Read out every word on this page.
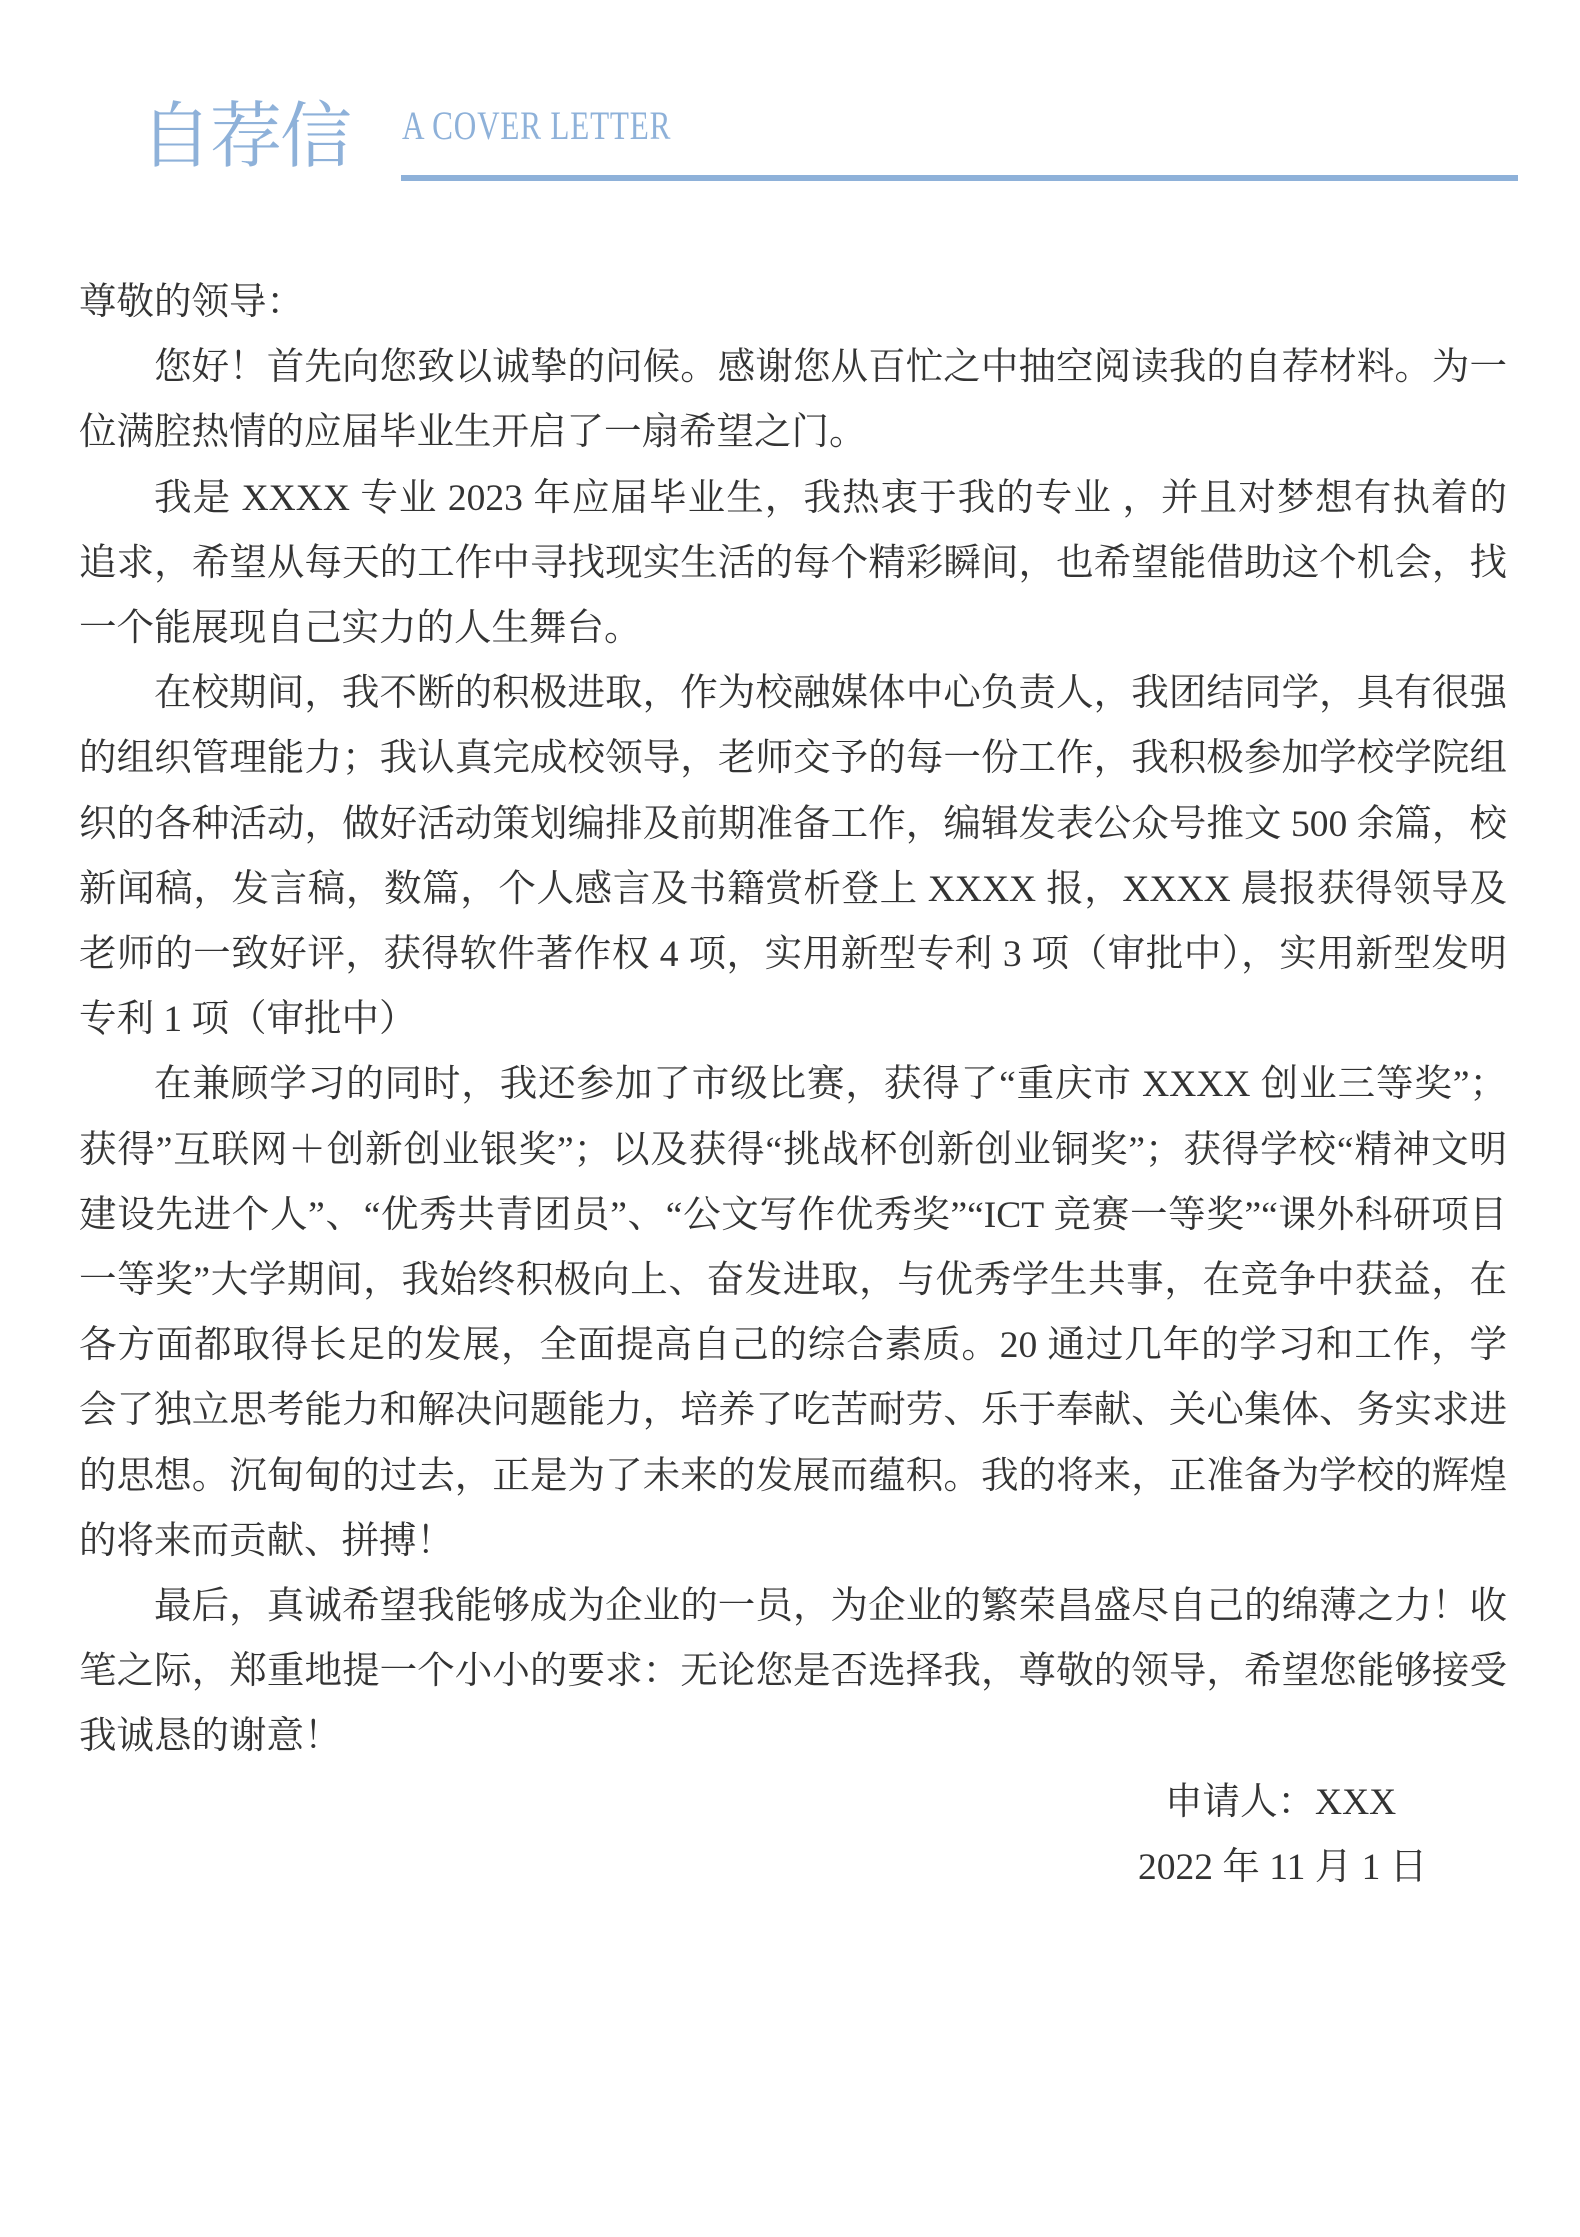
自荐信 A COVER LETTER

尊敬的领导：

您好！首先向您致以诚挚的问候。感谢您从百忙之中抽空阅读我的自荐材料。为一位满腔热情的应届毕业生开启了一扇希望之门。

我是 XXXX 专业 2023 年应届毕业生，我热衷于我的专业 ，并且对梦想有执着的追求，希望从每天的工作中寻找现实生活的每个精彩瞬间，也希望能借助这个机会，找一个能展现自己实力的人生舞台。

在校期间，我不断的积极进取，作为校融媒体中心负责人，我团结同学，具有很强的组织管理能力；我认真完成校领导，老师交予的每一份工作，我积极参加学校学院组织的各种活动，做好活动策划编排及前期准备工作，编辑发表公众号推文 500 余篇，校新闻稿，发言稿，数篇，个人感言及书籍赏析登上 XXXX 报，XXXX 晨报获得领导及老师的一致好评，获得软件著作权 4 项，实用新型专利 3 项（审批中），实用新型发明专利 1 项（审批中）

在兼顾学习的同时，我还参加了市级比赛，获得了“重庆市 XXXX 创业三等奖”；获得”互联网＋创新创业银奖”；以及获得“挑战杯创新创业铜奖”；获得学校“精神文明建设先进个人”、“优秀共青团员”、“公文写作优秀奖”“ICT 竞赛一等奖”“课外科研项目一等奖”大学期间，我始终积极向上、奋发进取，与优秀学生共事，在竞争中获益，在各方面都取得长足的发展，全面提高自己的综合素质。20 通过几年的学习和工作，学会了独立思考能力和解决问题能力，培养了吃苦耐劳、乐于奉献、关心集体、务实求进的思想。沉甸甸的过去，正是为了未来的发展而蕴积。我的将来，正准备为学校的辉煌的将来而贡献、拼搏！

最后，真诚希望我能够成为企业的一员，为企业的繁荣昌盛尽自己的绵薄之力！收笔之际，郑重地提一个小小的要求：无论您是否选择我，尊敬的领导，希望您能够接受我诚恳的谢意！

申请人：XXX
2022 年 11 月 1 日
